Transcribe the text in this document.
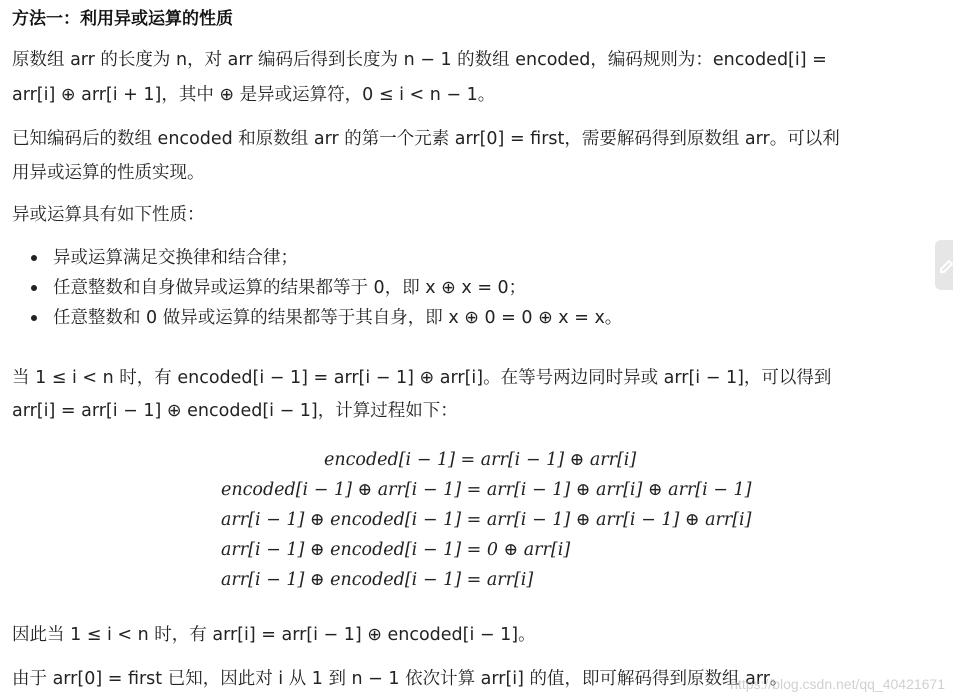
方法一：利用异或运算的性质
原数组 arr 的长度为 n，对 arr 编码后得到长度为 n − 1 的数组 encoded，编码规则为：encoded[i] =
arr[i] ⊕ arr[i + 1]，其中 ⊕ 是异或运算符，0 ≤ i < n − 1。
已知编码后的数组 encoded 和原数组 arr 的第一个元素 arr[0] = first，需要解码得到原数组 arr。可以利
用异或运算的性质实现。
异或运算具有如下性质：
异或运算满足交换律和结合律；
任意整数和自身做异或运算的结果都等于 0，即 x ⊕ x = 0；
任意整数和 0 做异或运算的结果都等于其自身，即 x ⊕ 0 = 0 ⊕ x = x。
当 1 ≤ i < n 时，有 encoded[i − 1] = arr[i − 1] ⊕ arr[i]。在等号两边同时异或 arr[i − 1]，可以得到
arr[i] = arr[i − 1] ⊕ encoded[i − 1]，计算过程如下：
encoded[i − 1] = arr[i − 1] ⊕ arr[i]
encoded[i − 1] ⊕ arr[i − 1] = arr[i − 1] ⊕ arr[i] ⊕ arr[i − 1]
arr[i − 1] ⊕ encoded[i − 1] = arr[i − 1] ⊕ arr[i − 1] ⊕ arr[i]
arr[i − 1] ⊕ encoded[i − 1] = 0 ⊕ arr[i]
arr[i − 1] ⊕ encoded[i − 1] = arr[i]
因此当 1 ≤ i < n 时，有 arr[i] = arr[i − 1] ⊕ encoded[i − 1]。
由于 arr[0] = first 已知，因此对 i 从 1 到 n − 1 依次计算 arr[i] 的值，即可解码得到原数组 arr。
https://blog.csdn.net/qq_40421671
